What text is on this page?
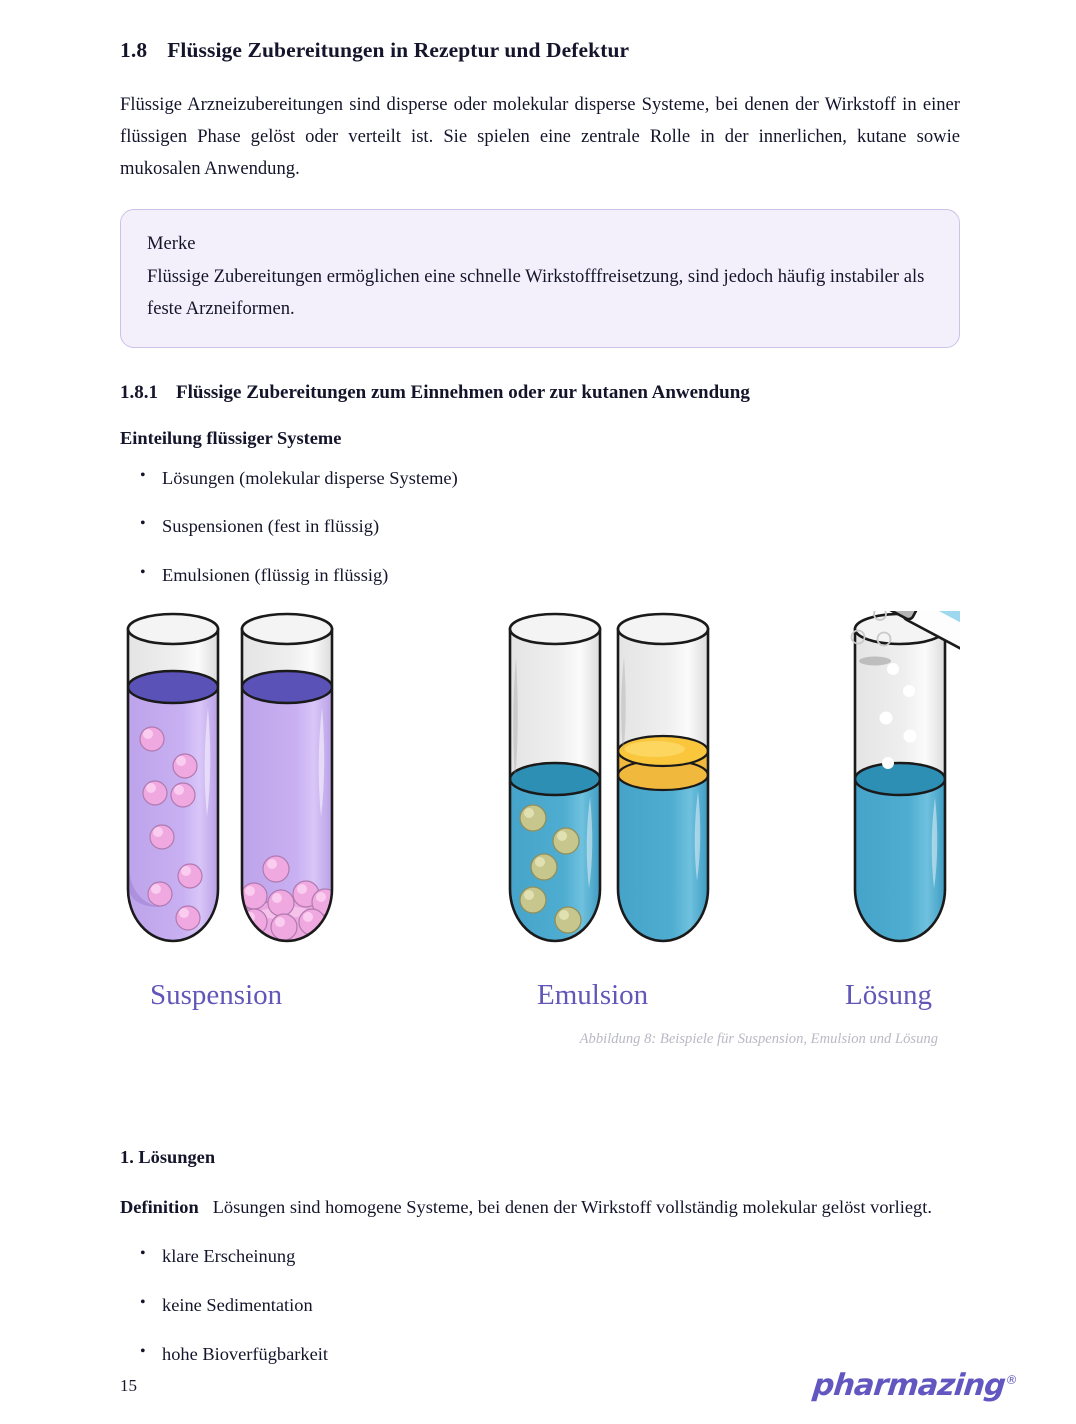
1.8 Flüssige Zubereitungen in Rezeptur und Defektur

Flüssige Arzneizubereitungen sind disperse oder molekular disperse Systeme, bei denen der Wirkstoff in einer flüssigen Phase gelöst oder verteilt ist. Sie spielen eine zentrale Rolle in der innerlichen, kutane sowie mukosalen Anwendung.

Merke

Flüssige Zubereitungen ermöglichen eine schnelle Wirkstofffreisetzung, sind jedoch häufig instabiler als feste Arzneiformen.

1.8.1 Flüssige Zubereitungen zum Einnehmen oder zur kutanen Anwendung
Einteilung flüssiger Systeme
• Lösungen (molekular disperse Systeme)
• Suspensionen (fest in flüssig)
• Emulsionen (flüssig in flüssig)
Suspension	Emulsion	Lösung
Abbildung 8: Beispiele für Suspension, Emulsion und Lösung
1. Lösungen

Definition Lösungen sind homogene Systeme, bei denen der Wirkstoff vollständig molekular gelöst vorliegt.

• klare Erscheinung
• keine Sedimentation
• hohe Bioverfügbarkeit
15	pharmazing®
